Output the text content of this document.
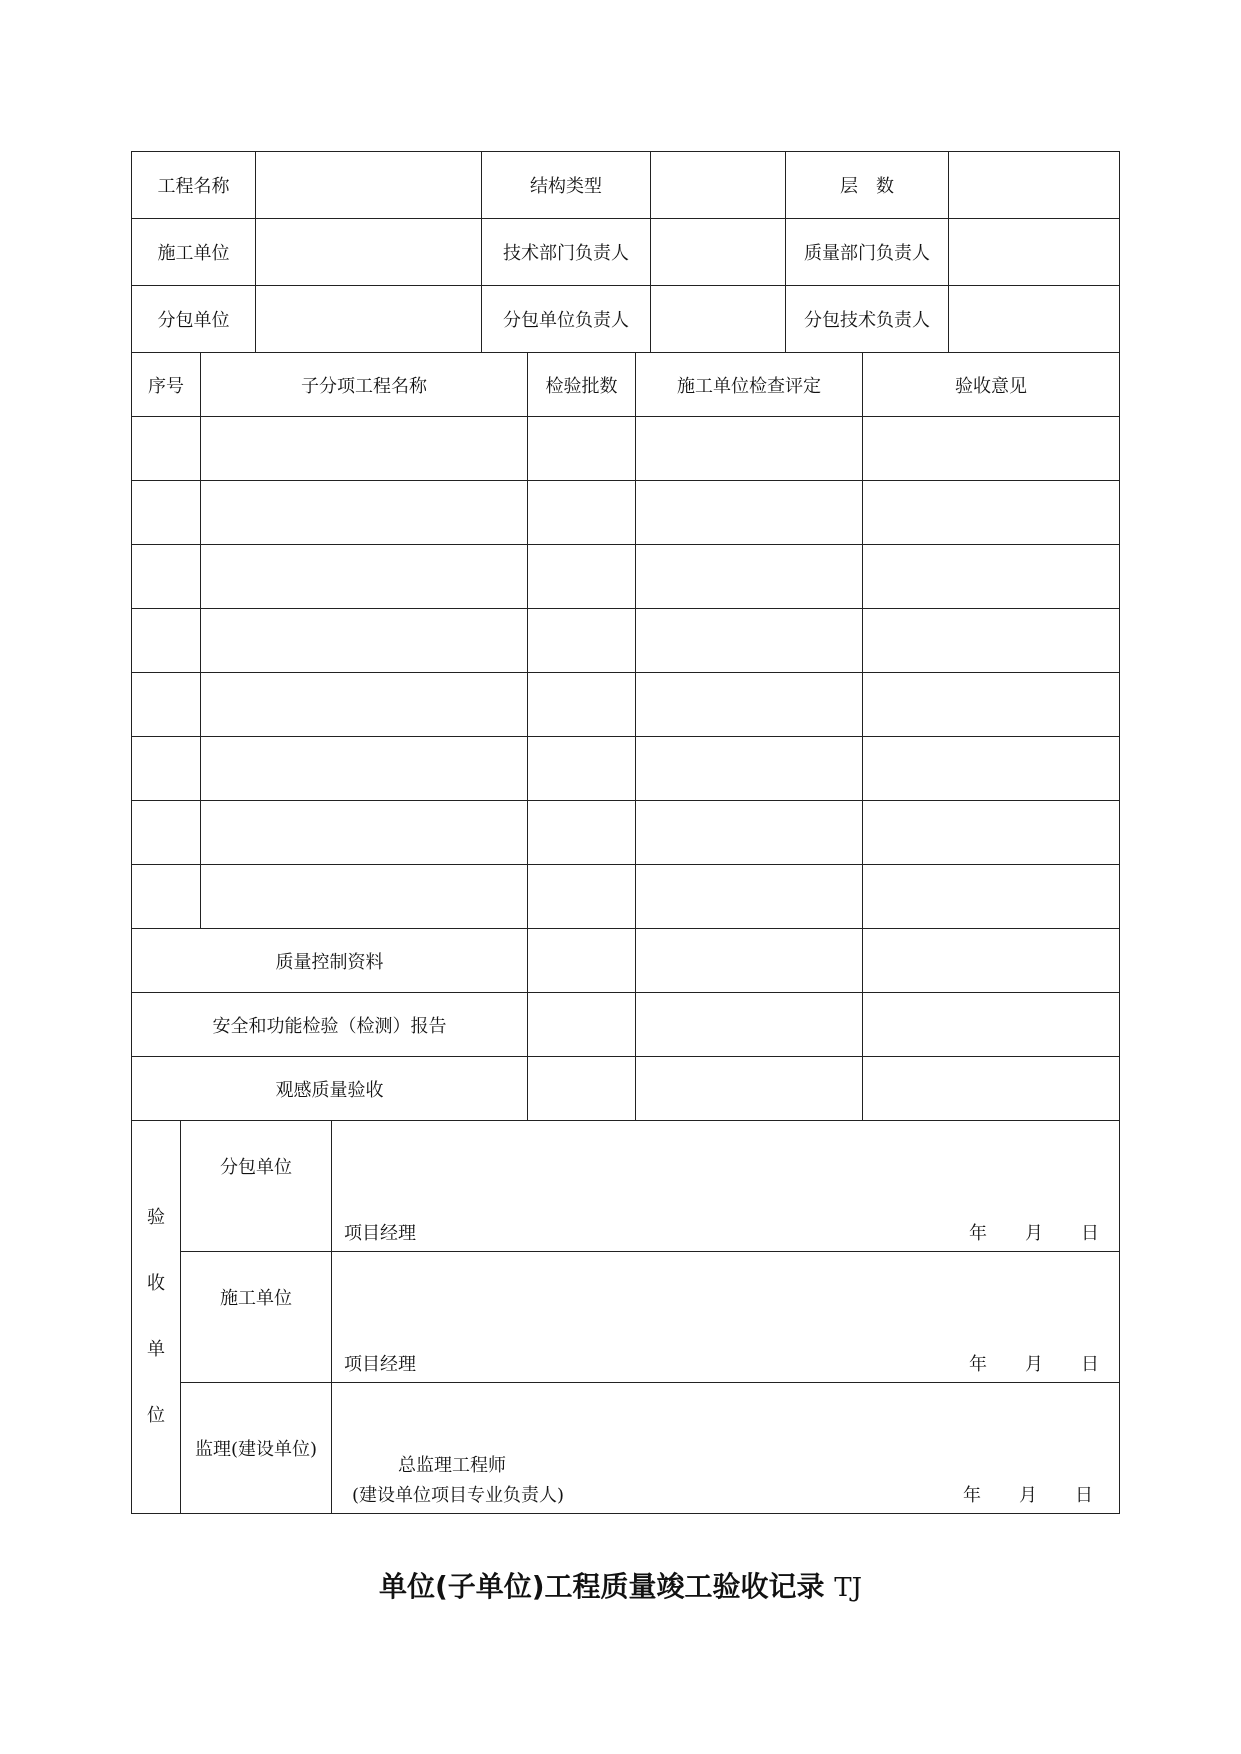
工程名称		结构类型		层　数	
施工单位		技术部门负责人		质量部门负责人	
分包单位		分包单位负责人		分包技术负责人	
序号	子分项工程名称	检验批数	施工单位检查评定	验收意见

质量控制资料				
安全和功能检验（检测）报告				
观感质量验收				
验
收
单
位	分包单位	项目经理 年 月 日

	施工单位	项目经理 年 月 日

	监理(建设单位)	总监理工程师
(建设单位项目专业负责人) 年 月 日
单位(子单位)工程质量竣工验收记录 TJ
